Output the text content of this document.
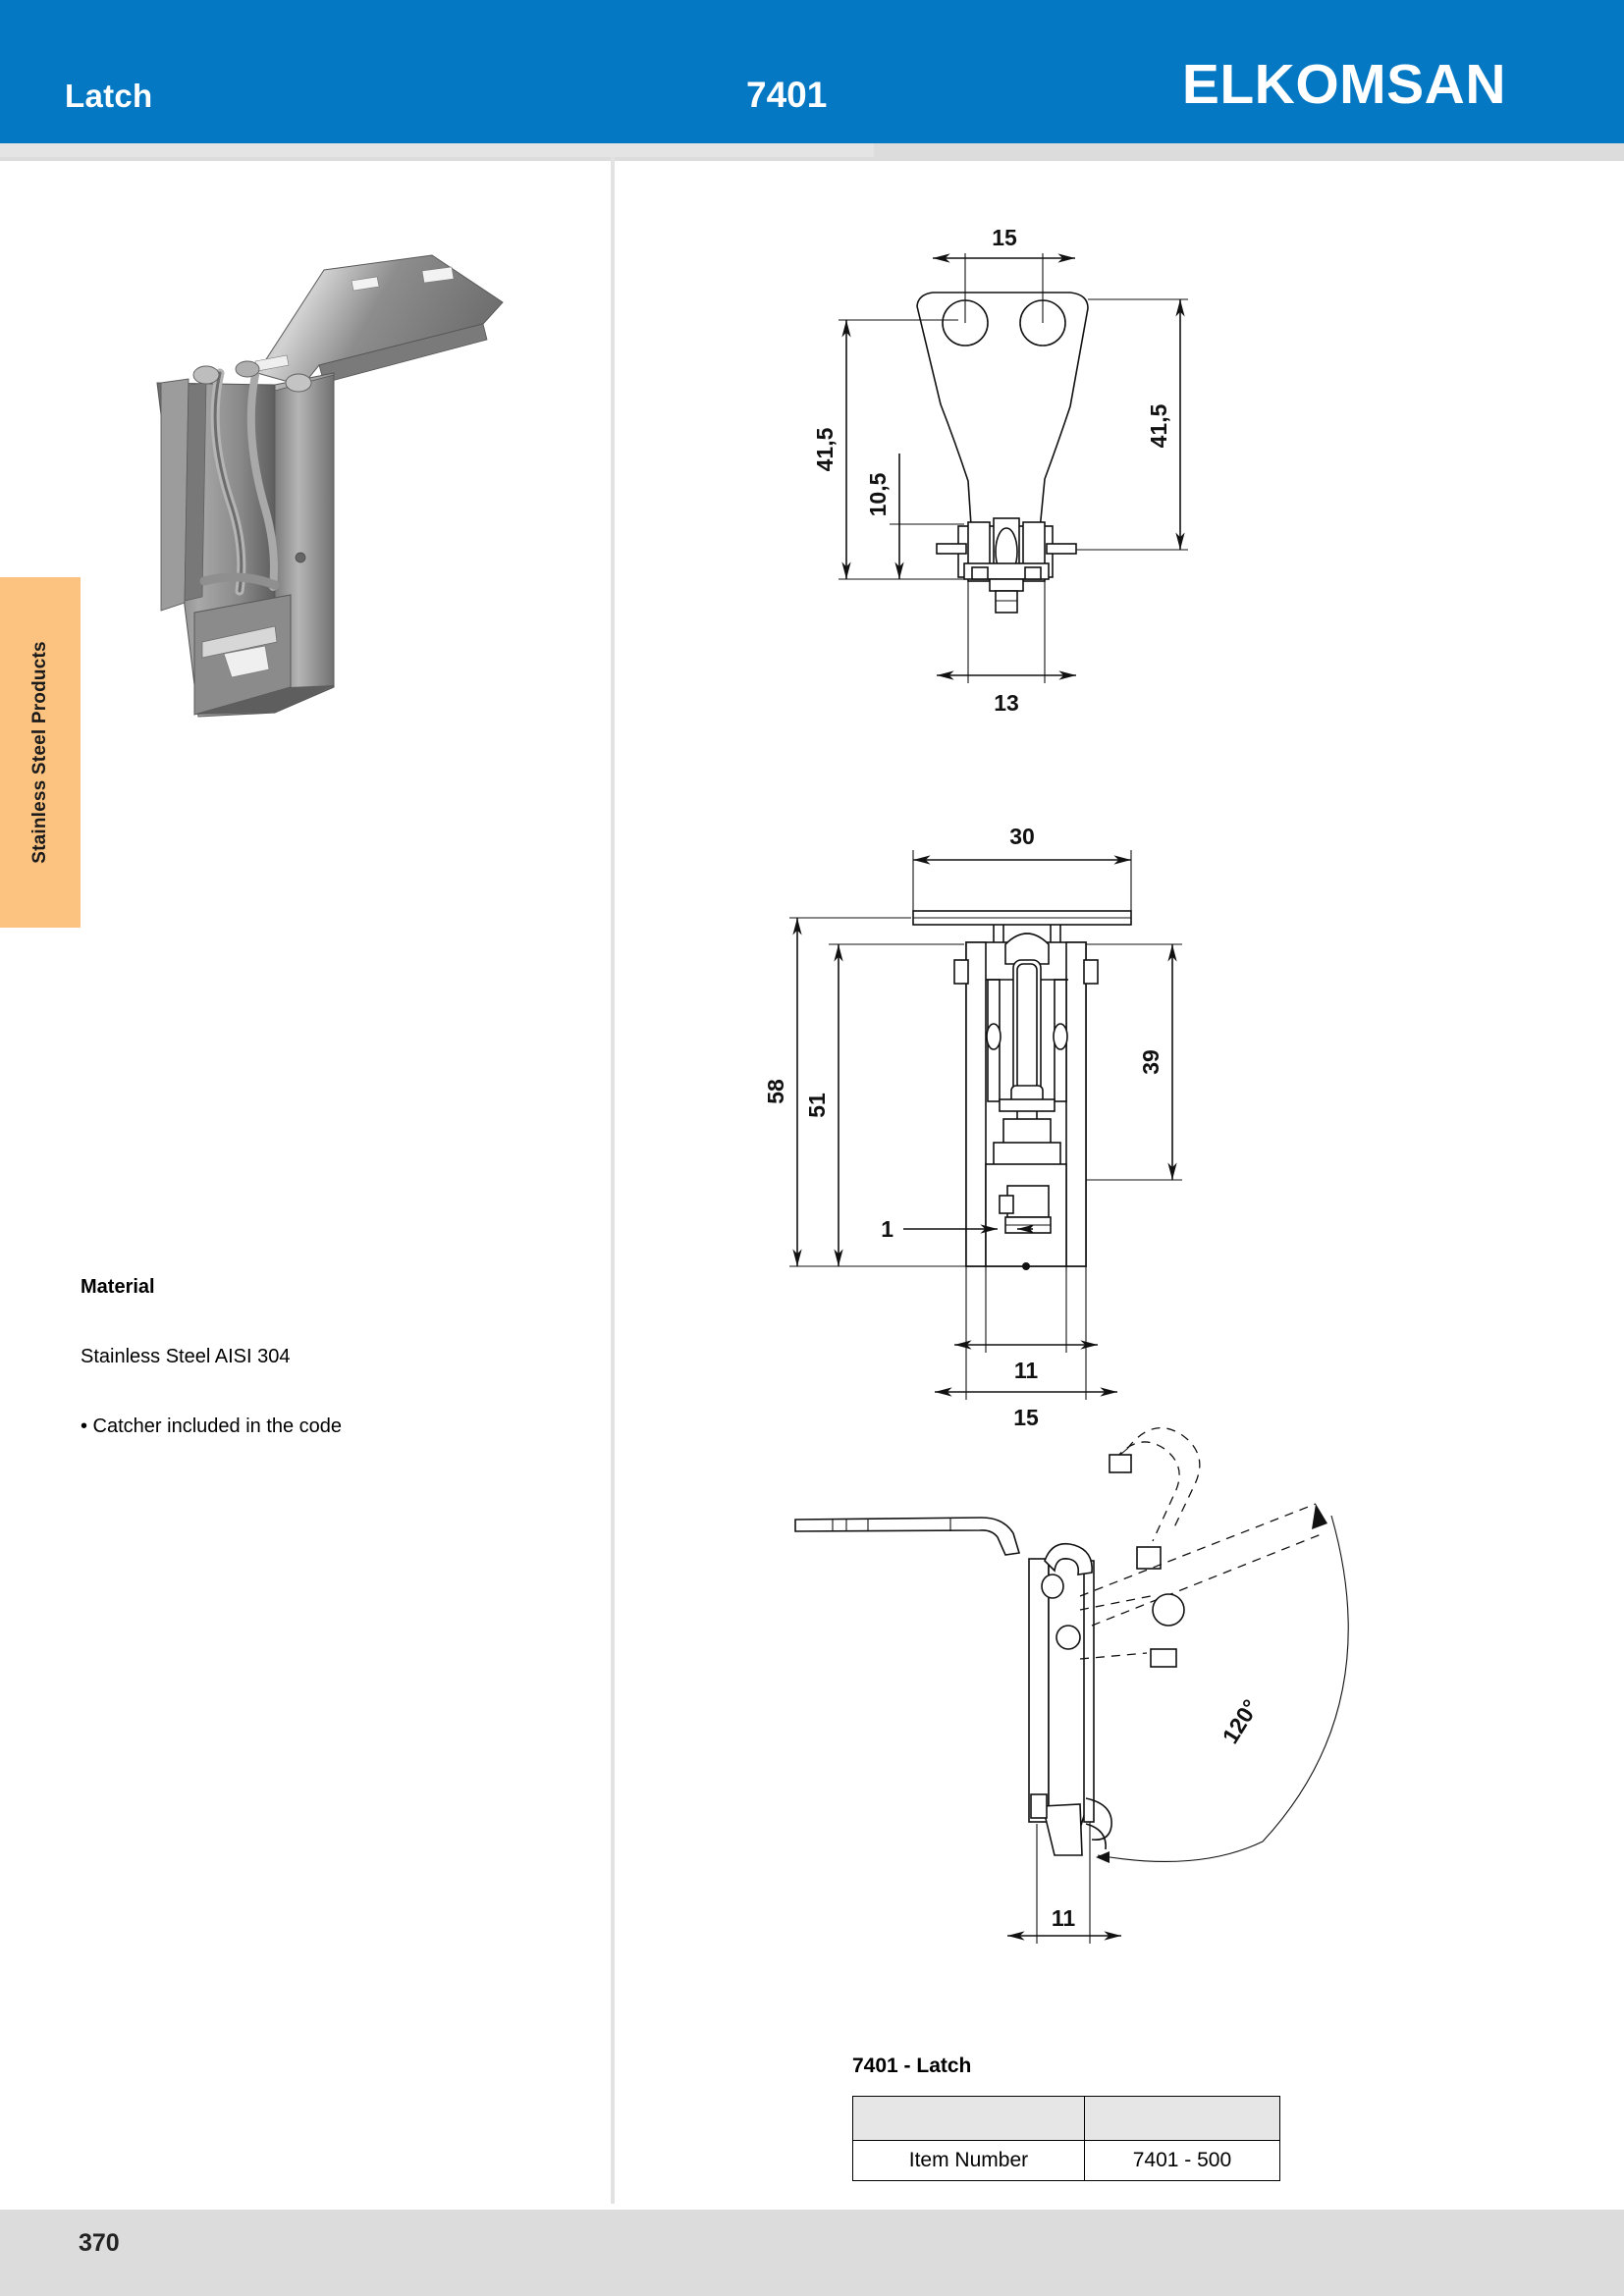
Latch	7401	ELKOMSAN
Stainless Steel Products
Material
Stainless Steel AISI 304
• Catcher included in the code
15
41,5
41,5
10,5
13
30
58
51
39
1
11
15
120°
11
7401 - Latch

Item Number	7401 - 500
370
